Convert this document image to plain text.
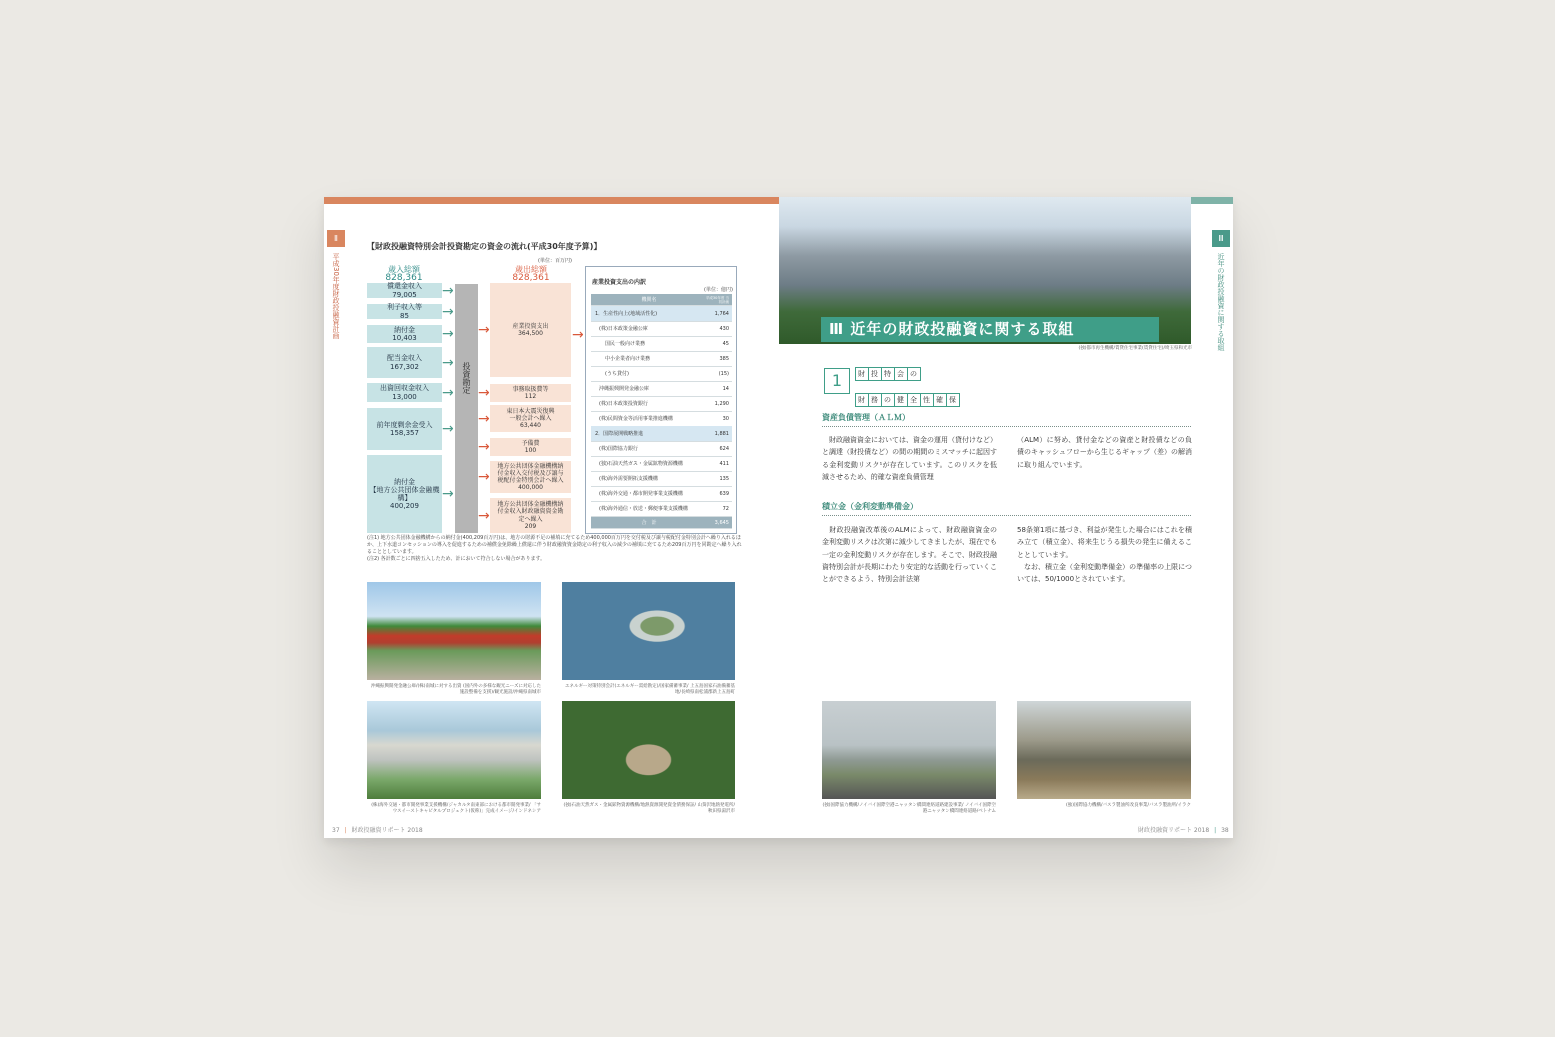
Ⅱ
平成30年度財政投融資計画
【財政投融資特別会計投資勘定の資金の流れ(平成30年度予算)】
(単位：百万円)
歳入総額
828,361
歳出総額
828,361
償還金収入
79,005	→
利子収入等
85	→
納付金
10,403	→
配当金収入
167,302	→
出資回収金収入
13,000	→
前年度剰余金受入
158,357	→
納付金
【地方公共団体金融機構】
400,209
→
産業投資支出
364,500
→
事務取扱費等
112
→
東日本大震災復興
一般会計へ繰入
63,440
→
予備費
100
→
地方公共団体金融機構納
付金収入交付税及び譲与
税配付金特別会計へ繰入
400,000
→
地方公共団体金融機構納
付金収入財政融資資金勘
定へ繰入
209
→
投資勘定
→
産業投資支出の内訳
(単位：億円)
機関名	平成30年度 当初計画
1．生産性向上(地域活性化)	1,764
(株)日本政策金融公庫	430
国民一般向け業務	45
中小企業者向け業務	385
(うち貸付)	(15)
沖縄振興開発金融公庫	14
(株)日本政策投資銀行	1,290
(株)民間資金等活用事業推進機構	30
2．国際展開戦略推進	1,881
(株)国際協力銀行	624
(独)石油天然ガス・金属鉱物資源機構	411
(株)海外需要開拓支援機構	135
(株)海外交通・都市開発事業支援機構	639
(株)海外通信・放送・郵便事業支援機構	72
合　計	3,645
(注1) 地方公共団体金融機構からの納付金(400,209百万円)は、地方の財源不足の補填に充てるため400,000百万円を交付税及び譲与税配付金特別会計へ繰り入れるほか、上下水道コンセッションの導入を促進するための補償金免除繰上償還に伴う財政融資資金勘定の利子収入の減少の補填に充てるため209百万円を同勘定へ繰り入れることとしています。
(注2) 各計数ごとに四捨五入したため、計において符合しない場合があります。
沖縄振興開発金融公庫/(株)南城に対する出資 (国内外の多様な観光ニーズに対応した施設整備を支援)/観光施設/沖縄県南城市
エネルギー対策特別会計(エネルギー需給勘定)/国家備蓄事業/ 上五島国家石油備蓄基地/長崎県南松浦郡新上五島町
(株)海外交通・都市開発事業支援機構/ジャカルタ南東部における都市開発事業/ 「サウスイーストキャピタルプロジェクト(仮称)」完成イメージ/インドネシア
(独)石油天然ガス・金属鉱物資源機構/地熱資源開発資金債務保証/ 山葵沢地熱発電所/秋田県湯沢市
37 | 財政投融資リポート 2018
Ⅲ 近年の財政投融資に関する取組
(独)都市再生機構/賃貸住宅事業(賃貸住宅)/埼玉県和光市
Ⅲ
近年の財政投融資に関する取組
1	財 投 特 会 の
財 務 の 健 全 性 確 保
資産負債管理（ＡＬＭ）
　財政融資資金においては、資金の運用（貸付けなど）と調達（財投債など）の間の期間のミスマッチに起因する金利変動リスク¹が存在しています。このリスクを低減させるため、的確な資産負債管理
（ALM）に努め、貸付金などの資産と財投債などの負債のキャッシュフローから生じるギャップ（差）の解消に取り組んでいます。
積立金（金利変動準備金）
　財政投融資改革後のALMによって、財政融資資金の金利変動リスクは次第に減少してきましたが、現在でも一定の金利変動リスクが存在します。そこで、財政投融資特別会計が長期にわたり安定的な活動を行っていくことができるよう、特別会計法第
58条第1項に基づき、利益が発生した場合にはこれを積み立て（積立金）、将来生じうる損失の発生に備えることとしています。
　なお、積立金（金利変動準備金）の準備率の上限については、50/1000とされています。
(独)国際協力機構/ノイバイ国際空港ニャッタン橋間連絡道路建設事業/ ノイバイ国際空港ニャッタン橋間連絡道路/ベトナム
(独)国際協力機構/バスラ製油所改良事業/バスラ製油所/イラク
財政投融資リポート 2018 | 38
